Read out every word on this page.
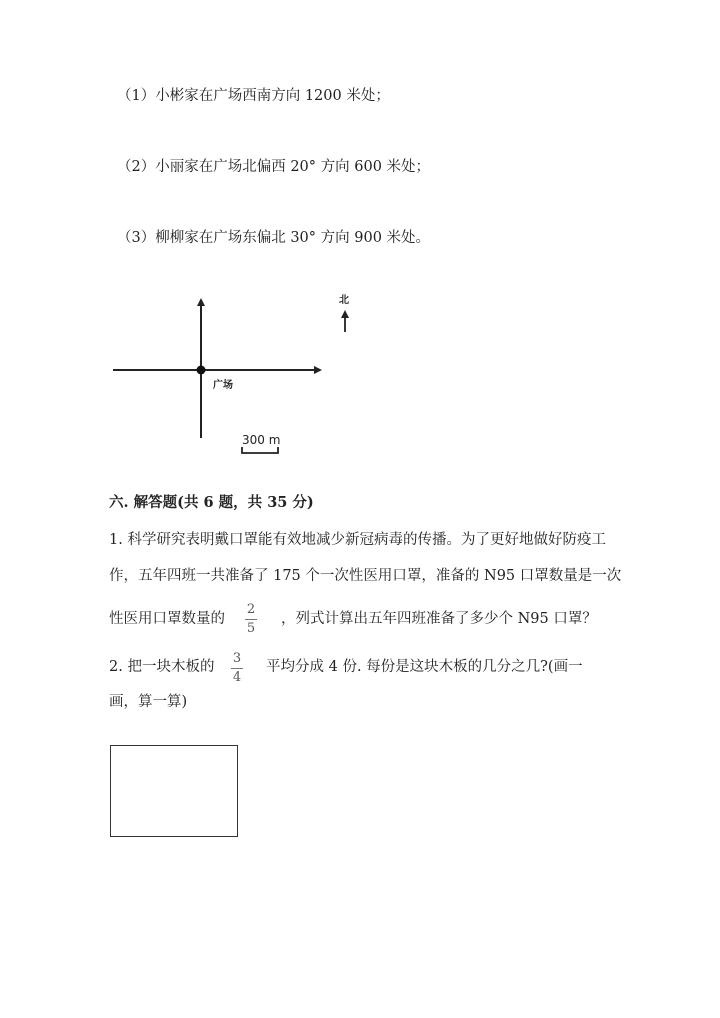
（1）小彬家在广场西南方向 1200 米处；
（2）小丽家在广场北偏西 20° 方向 600 米处；
（3）柳柳家在广场东偏北 30° 方向 900 米处。
北
广场
300 m
六. 解答题(共 6 题，共 35 分)
1. 科学研究表明戴口罩能有效地减少新冠病毒的传播。为了更好地做好防疫工
作，五年四班一共准备了 175 个一次性医用口罩，准备的 N95 口罩数量是一次
性医用口罩数量的
2
5
，列式计算出五年四班准备了多少个 N95 口罩？
2. 把一块木板的
3
4
平均分成 4 份. 每份是这块木板的几分之几?(画一
画，算一算)
